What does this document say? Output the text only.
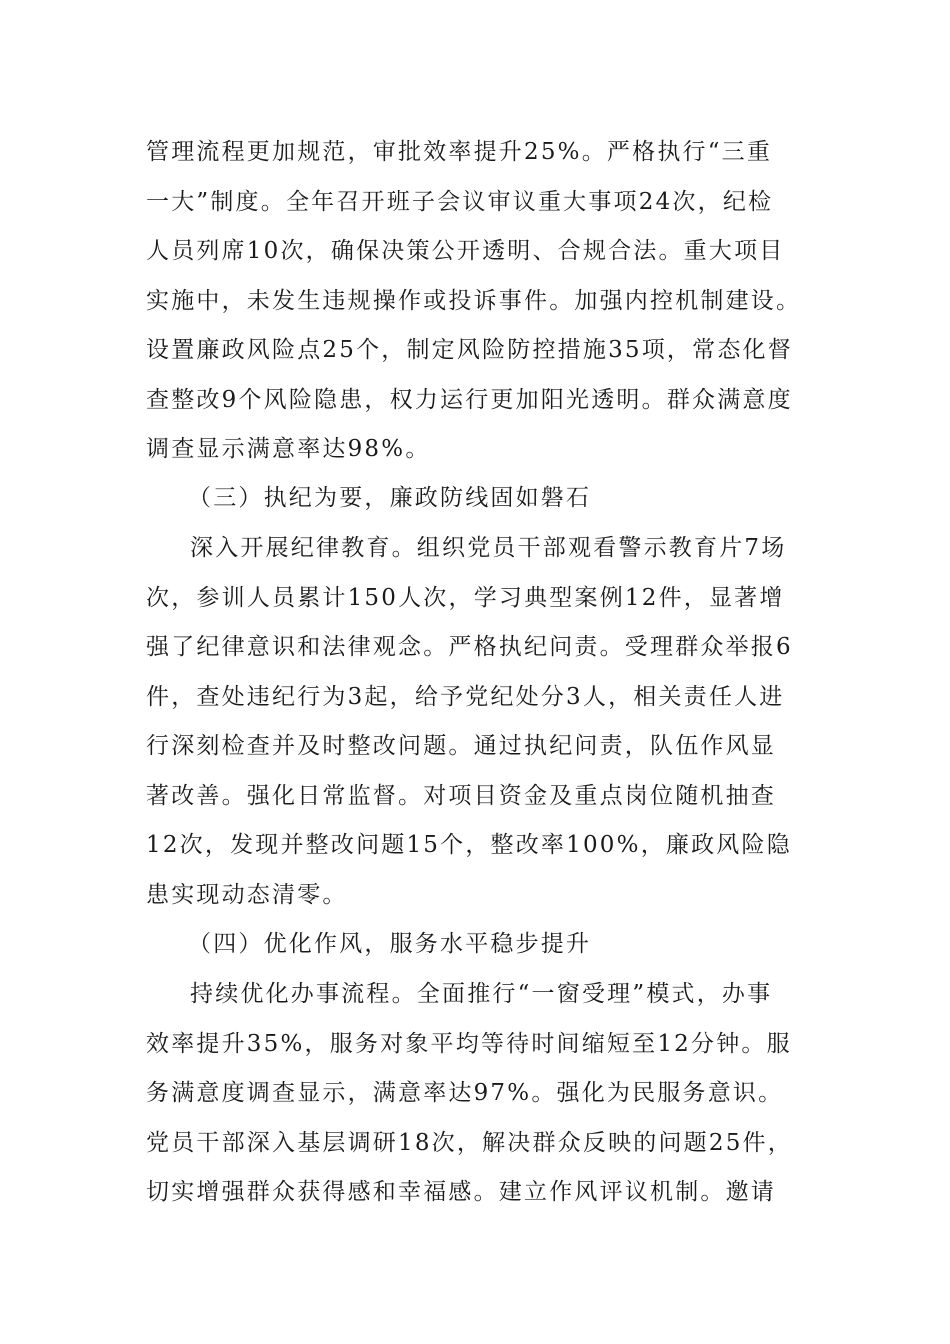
管理流程更加规范，审批效率提升25%。严格执行“三重
一大”制度。全年召开班子会议审议重大事项24次，纪检
人员列席10次，确保决策公开透明、合规合法。重大项目
实施中，未发生违规操作或投诉事件。加强内控机制建设。
设置廉政风险点25个，制定风险防控措施35项，常态化督
查整改9个风险隐患，权力运行更加阳光透明。群众满意度
调查显示满意率达98%。
（三）执纪为要，廉政防线固如磐石
深入开展纪律教育。组织党员干部观看警示教育片7场
次，参训人员累计150人次，学习典型案例12件，显著增
强了纪律意识和法律观念。严格执纪问责。受理群众举报6
件，查处违纪行为3起，给予党纪处分3人，相关责任人进
行深刻检查并及时整改问题。通过执纪问责，队伍作风显
著改善。强化日常监督。对项目资金及重点岗位随机抽查
12次，发现并整改问题15个，整改率100%，廉政风险隐
患实现动态清零。
（四）优化作风，服务水平稳步提升
持续优化办事流程。全面推行“一窗受理”模式，办事
效率提升35%，服务对象平均等待时间缩短至12分钟。服
务满意度调查显示，满意率达97%。强化为民服务意识。
党员干部深入基层调研18次，解决群众反映的问题25件，
切实增强群众获得感和幸福感。建立作风评议机制。邀请
